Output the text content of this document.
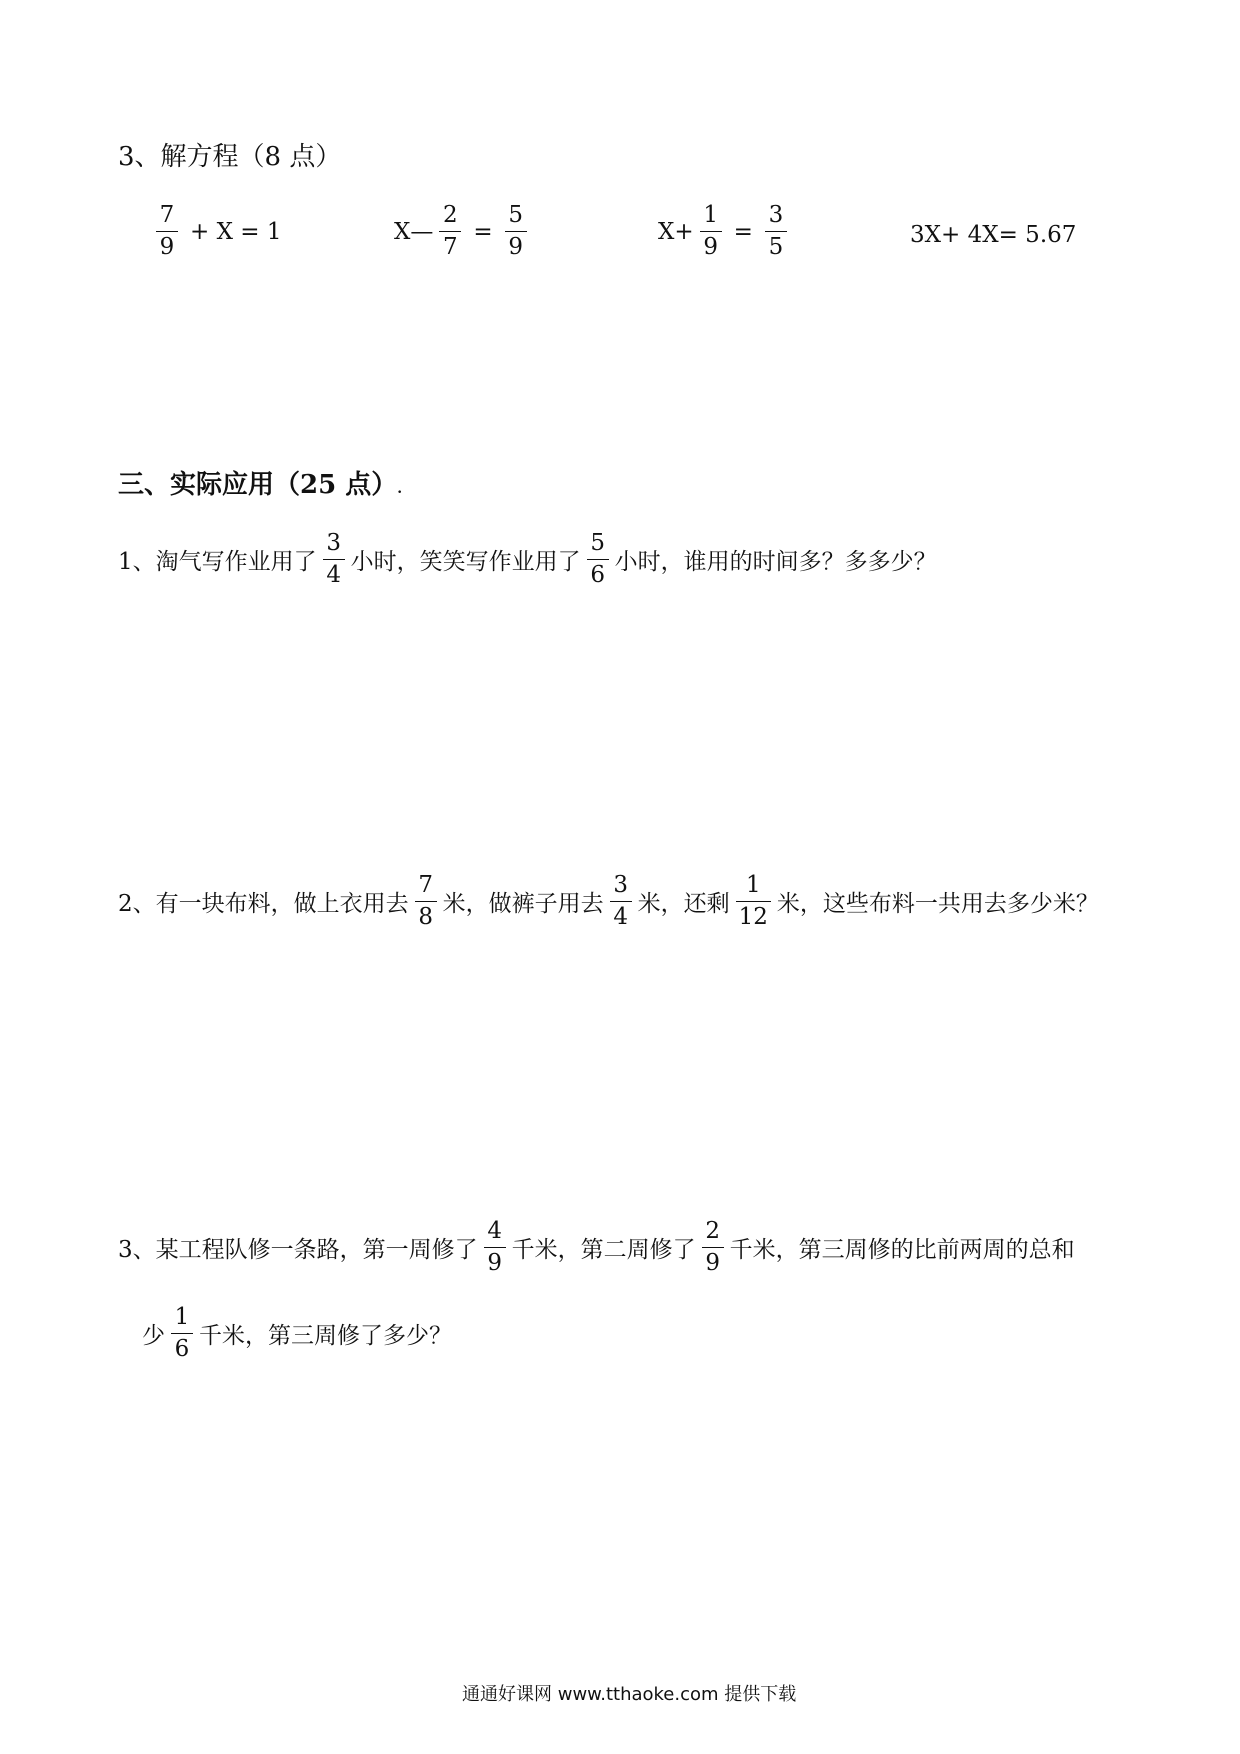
3、解方程（8 点）
$\frac{7}{9} + X = 1$	X— $\frac{2}{7} = \frac{5}{9}$	$X+ \frac{1}{9} = \frac{3}{5}$	3X+ 4X= 5.67
三、实际应用（25 点）.
1、淘气写作业用了 $\frac{3}{4}$ 小时，笑笑写作业用了 $\frac{5}{6}$ 小时，谁用的时间多？多多少？
2、有一块布料，做上衣用去 $\frac{7}{8}$ 米，做裤子用去 $\frac{3}{4}$ 米，还剩 $\frac{1}{12}$ 米，这些布料一共用去多少米？
3、某工程队修一条路，第一周修了 $\frac{4}{9}$ 千米，第二周修了 $\frac{2}{9}$ 千米，第三周修的比前两周的总和
少 $\frac{1}{6}$ 千米，第三周修了多少？
通通好课网 www.tthaoke.com 提供下载
